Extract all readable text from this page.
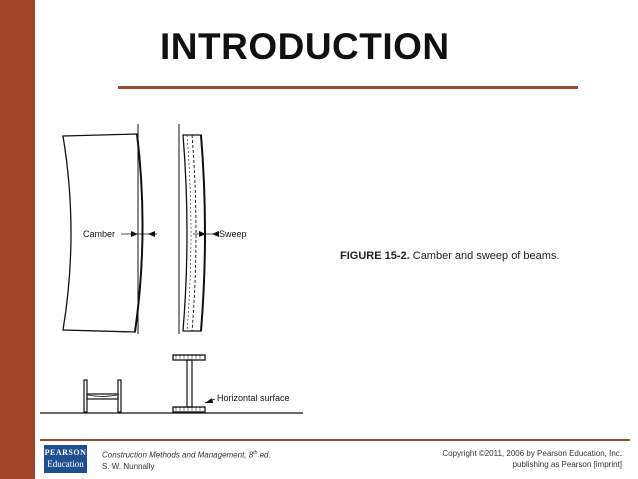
INTRODUCTION
Camber	Sweep
Horizontal surface
FIGURE 15-2. Camber and sweep of beams.
PEARSON
Education
Construction Methods and Management, 8th ed.
S. W. Nunnally
Copyright ©2011, 2006 by Pearson Education, Inc.
publishing as Pearson [imprint]
